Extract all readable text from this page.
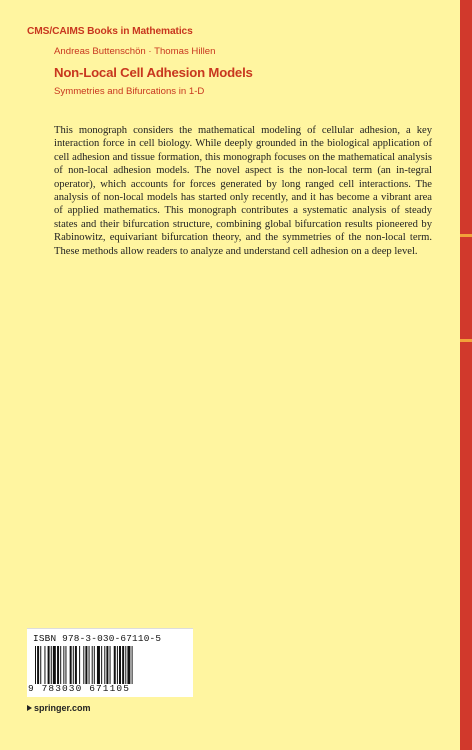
CMS/CAIMS Books in Mathematics
Andreas Buttenschön · Thomas Hillen
Non-Local Cell Adhesion Models
Symmetries and Bifurcations in 1-D
This monograph considers the mathematical modeling of cellular adhesion, a key interaction force in cell biology. While deeply grounded in the biological application of cell adhesion and tissue formation, this monograph focuses on the mathematical analysis of non-local adhesion models. The novel aspect is the non-local term (an in-tegral operator), which accounts for forces generated by long ranged cell interactions. The analysis of non-local models has started only recently, and it has become a vibrant area of applied mathematics. This monograph contributes a systematic analysis of steady states and their bifurcation structure, combining global bifurcation results pioneered by Rabinowitz, equivariant bifurcation theory, and the symmetries of the non-local term. These methods allow readers to analyze and understand cell adhesion on a deep level.
ISBN 978-3-030-67110-5
9 783030 671105
springer.com
